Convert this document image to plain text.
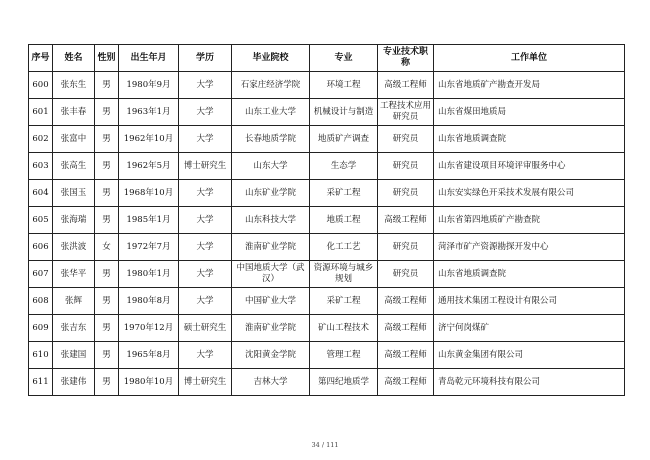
序号	姓名	性别	出生年月	学历	毕业院校	专业	专业技术职称	工作单位
600	张东生	男	1980年9月	大学	石家庄经济学院	环境工程	高级工程师	山东省地质矿产勘查开发局
601	张丰春	男	1963年1月	大学	山东工业大学	机械设计与制造	工程技术应用研究员	山东省煤田地质局
602	张富中	男	1962年10月	大学	长春地质学院	地质矿产调查	研究员	山东省地质调查院
603	张高生	男	1962年5月	博士研究生	山东大学	生态学	研究员	山东省建设项目环境评审服务中心
604	张国玉	男	1968年10月	大学	山东矿业学院	采矿工程	研究员	山东安实绿色开采技术发展有限公司
605	张海瑞	男	1985年1月	大学	山东科技大学	地质工程	高级工程师	山东省第四地质矿产勘查院
606	张洪波	女	1972年7月	大学	淮南矿业学院	化工工艺	研究员	菏泽市矿产资源勘探开发中心
607	张华平	男	1980年1月	大学	中国地质大学（武汉）	资源环境与城乡规划	研究员	山东省地质调查院
608	张辉	男	1980年8月	大学	中国矿业大学	采矿工程	高级工程师	通用技术集团工程设计有限公司
609	张吉东	男	1970年12月	硕士研究生	淮南矿业学院	矿山工程技术	高级工程师	济宁何岗煤矿
610	张建国	男	1965年8月	大学	沈阳黄金学院	管理工程	高级工程师	山东黄金集团有限公司
611	张建伟	男	1980年10月	博士研究生	吉林大学	第四纪地质学	高级工程师	青岛乾元环境科技有限公司
34 / 111
